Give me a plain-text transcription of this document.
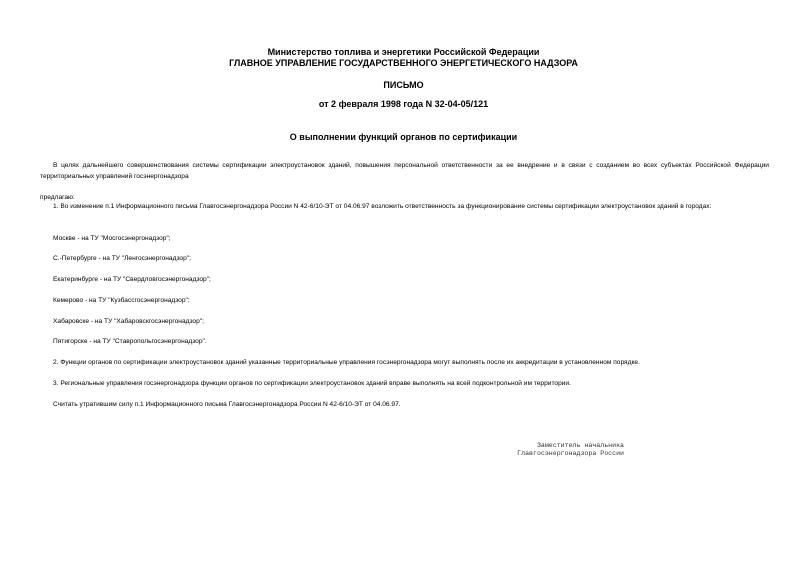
Министерство топлива и энергетики Российской Федерации
ГЛАВНОЕ УПРАВЛЕНИЕ ГОСУДАРСТВЕННОГО ЭНЕРГЕТИЧЕСКОГО НАДЗОРА
ПИСЬМО
от 2 февраля 1998 года N 32-04-05/121
О выполнении функций органов по сертификации
В целях дальнейшего совершенствования системы сертификации электроустановок зданий, повышения персональной ответственности за ее внедрение и в связи с созданием во всех субъектах Российской Федерации территориальных управлений госэнергонадзора
предлагаю:
1. Во изменение п.1 Информационного письма Главгосэнергонадзора России N 42-6/10-ЭТ от 04.06.97 возложить ответственность за функционирование системы сертификации электроустановок зданий в городах:
Москве - на ТУ "Мосгосэнергонадзор";
С.-Петербурге - на ТУ "Ленгосэнергонадзор";
Екатеринбурге - на ТУ "Свердловгосэнергонадзор";
Кемерово - на ТУ "Кузбассгосэнергонадзор";
Хабаровске - на ТУ "Хабаровскгосэнергонадзор";
Пятигорске - на ТУ "Ставропольгосэнергонадзор".
2. Функции органов по сертификации электроустановок зданий указанные территориальные управления госэнергонадзора могут выполнять после их аккредитации в установленном порядке.
3. Региональные управления госэнергонадзора функции органов по сертификации электроустановок зданий вправе выполнять на всей подконтрольной им территории.
Считать утратившим силу п.1 Информационного письма Главгосэнергонадзора России N 42-6/10-ЭТ от 04.06.97.
Заместитель начальника
Главгосэнергонадзора России
